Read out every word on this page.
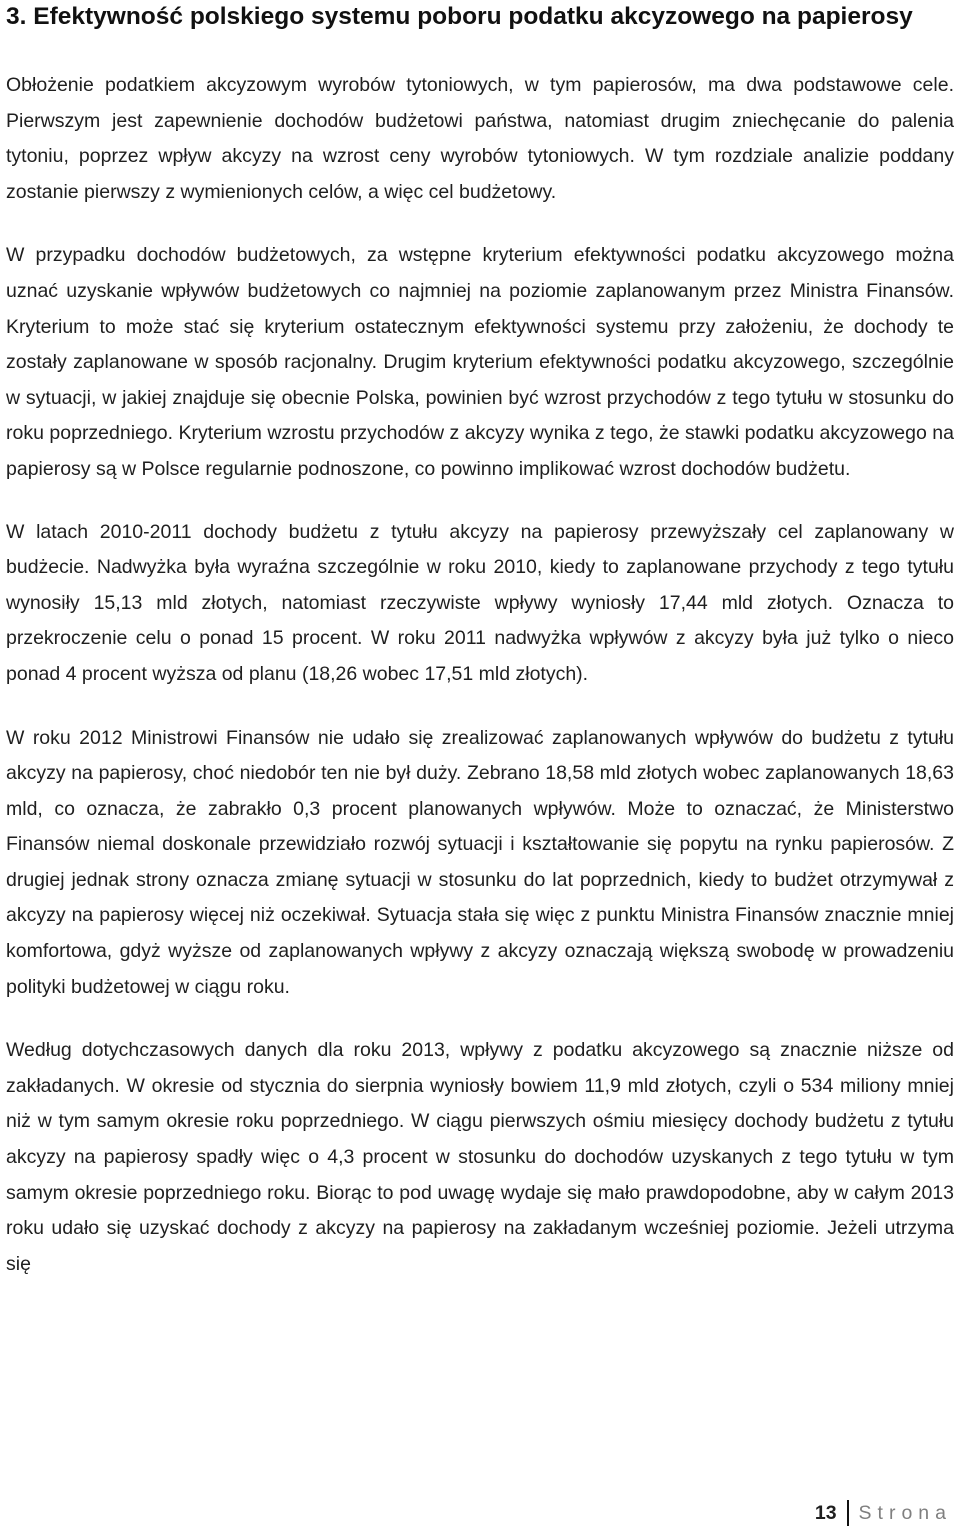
3. Efektywność polskiego systemu poboru podatku akcyzowego na papierosy

Obłożenie podatkiem akcyzowym wyrobów tytoniowych, w tym papierosów, ma dwa podstawowe cele. Pierwszym jest zapewnienie dochodów budżetowi państwa, natomiast drugim zniechęcanie do palenia tytoniu, poprzez wpływ akcyzy na wzrost ceny wyrobów tytoniowych. W tym rozdziale analizie poddany zostanie pierwszy z wymienionych celów, a więc cel budżetowy.

W przypadku dochodów budżetowych, za wstępne kryterium efektywności podatku akcyzowego można uznać uzyskanie wpływów budżetowych co najmniej na poziomie zaplanowanym przez Ministra Finansów. Kryterium to może stać się kryterium ostatecznym efektywności systemu przy założeniu, że dochody te zostały zaplanowane w sposób racjonalny. Drugim kryterium efektywności podatku akcyzowego, szczególnie w sytuacji, w jakiej znajduje się obecnie Polska, powinien być wzrost przychodów z tego tytułu w stosunku do roku poprzedniego. Kryterium wzrostu przychodów z akcyzy wynika z tego, że stawki podatku akcyzowego na papierosy są w Polsce regularnie podnoszone, co powinno implikować wzrost dochodów budżetu.

W latach 2010-2011 dochody budżetu z tytułu akcyzy na papierosy przewyższały cel zaplanowany w budżecie. Nadwyżka była wyraźna szczególnie w roku 2010, kiedy to zaplanowane przychody z tego tytułu wynosiły 15,13 mld złotych, natomiast rzeczywiste wpływy wyniosły 17,44 mld złotych. Oznacza to przekroczenie celu o ponad 15 procent. W roku 2011 nadwyżka wpływów z akcyzy była już tylko o nieco ponad 4 procent wyższa od planu (18,26 wobec 17,51 mld złotych).

W roku 2012 Ministrowi Finansów nie udało się zrealizować zaplanowanych wpływów do budżetu z tytułu akcyzy na papierosy, choć niedobór ten nie był duży. Zebrano 18,58 mld złotych wobec zaplanowanych 18,63 mld, co oznacza, że zabrakło 0,3 procent planowanych wpływów. Może to oznaczać, że Ministerstwo Finansów niemal doskonale przewidziało rozwój sytuacji i kształtowanie się popytu na rynku papierosów. Z drugiej jednak strony oznacza zmianę sytuacji w stosunku do lat poprzednich, kiedy to budżet otrzymywał z akcyzy na papierosy więcej niż oczekiwał. Sytuacja stała się więc z punktu Ministra Finansów znacznie mniej komfortowa, gdyż wyższe od zaplanowanych wpływy z akcyzy oznaczają większą swobodę w prowadzeniu polityki budżetowej w ciągu roku.

Według dotychczasowych danych dla roku 2013, wpływy z podatku akcyzowego są znacznie niższe od zakładanych. W okresie od stycznia do sierpnia wyniosły bowiem 11,9 mld złotych, czyli o 534 miliony mniej niż w tym samym okresie roku poprzedniego. W ciągu pierwszych ośmiu miesięcy dochody budżetu z tytułu akcyzy na papierosy spadły więc o 4,3 procent w stosunku do dochodów uzyskanych z tego tytułu w tym samym okresie poprzedniego roku. Biorąc to pod uwagę wydaje się mało prawdopodobne, aby w całym 2013 roku udało się uzyskać dochody z akcyzy na papierosy na zakładanym wcześniej poziomie. Jeżeli utrzyma się

13	Strona
